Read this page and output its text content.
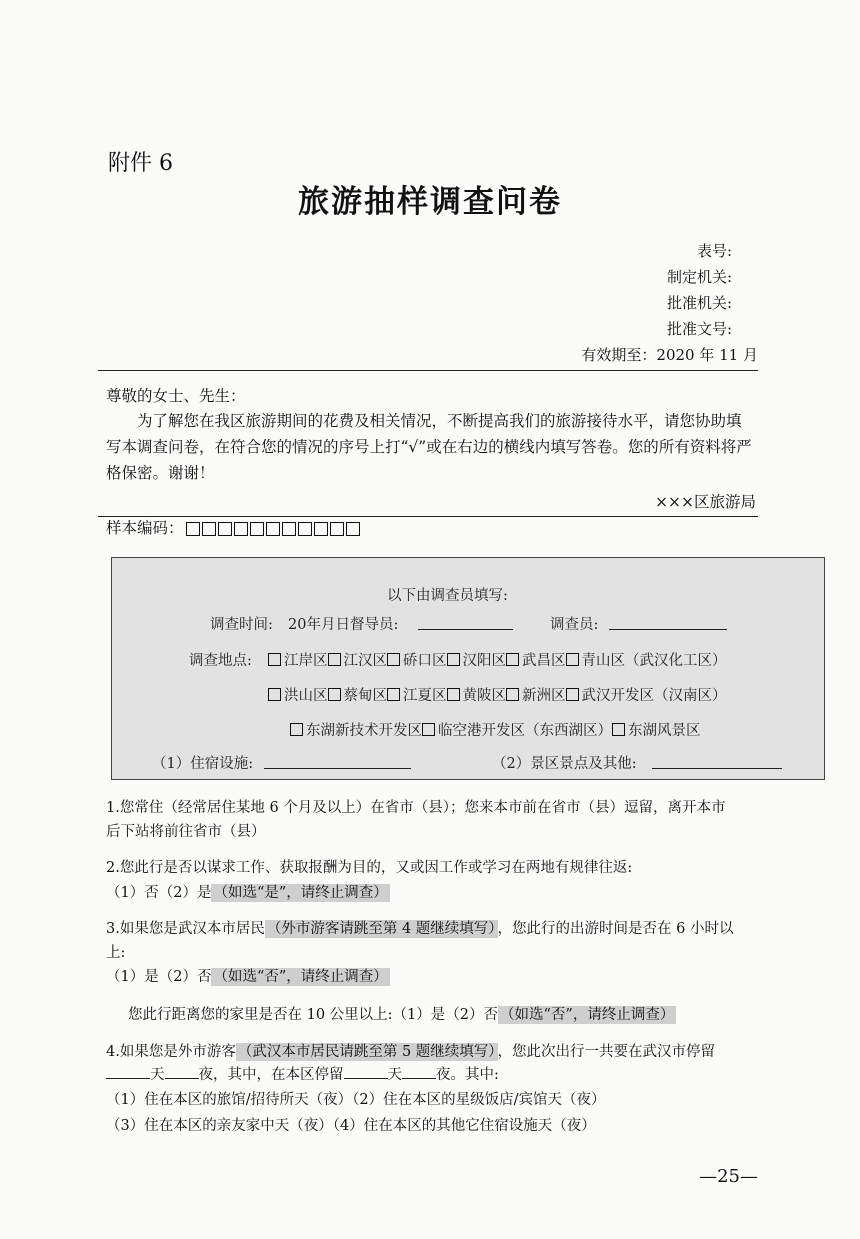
附件 6
旅游抽样调查问卷
表号:
制定机关:
批准机关:
批准文号:
有效期至：2020 年 11 月
尊敬的女士、先生：
为了解您在我区旅游期间的花费及相关情况，不断提高我们的旅游接待水平，请您协助填写本调查问卷，在符合您的情况的序号上打“√”或在右边的横线内填写答卷。您的所有资料将严格保密。谢谢！
×××区旅游局
样本编码：
以下由调查员填写:
调查时间: 20年月日督导员:	调查员:
调查地点:	江岸区 江汉区 硚口区 汉阳区 武昌区 青山区（武汉化工区）
洪山区 蔡甸区 江夏区 黄陂区 新洲区 武汉开发区（汉南区）
东湖新技术开发区 临空港开发区（东西湖区） 东湖风景区
（1）住宿设施:	（2）景区景点及其他:
1.您常住（经常居住某地 6 个月及以上）在省市（县）；您来本市前在省市（县）逗留，离开本市
后下站将前往省市（县）
2.您此行是否以谋求工作、获取报酬为目的，又或因工作或学习在两地有规律往返:
（1）否（2）是 （如选“是”，请终止调查）
3.如果您是武汉本市居民 （外市游客请跳至第 4 题继续填写） ，您此行的出游时间是否在 6 小时以
上:
（1）是（2）否 （如选“否”，请终止调查）
您此行距离您的家里是否在 10 公里以上:（1）是（2）否 （如选“否”，请终止调查）
4.如果您是外市游客 （武汉本市居民请跳至第 5 题继续填写） ，您此次出行一共要在武汉市停留
天 夜，其中，在本区停留	天 夜。其中:
（1）住在本区的旅馆/招待所天（夜）（2）住在本区的星级饭店/宾馆天（夜）
（3）住在本区的亲友家中天（夜）（4）住在本区的其他它住宿设施天（夜）
—25—
